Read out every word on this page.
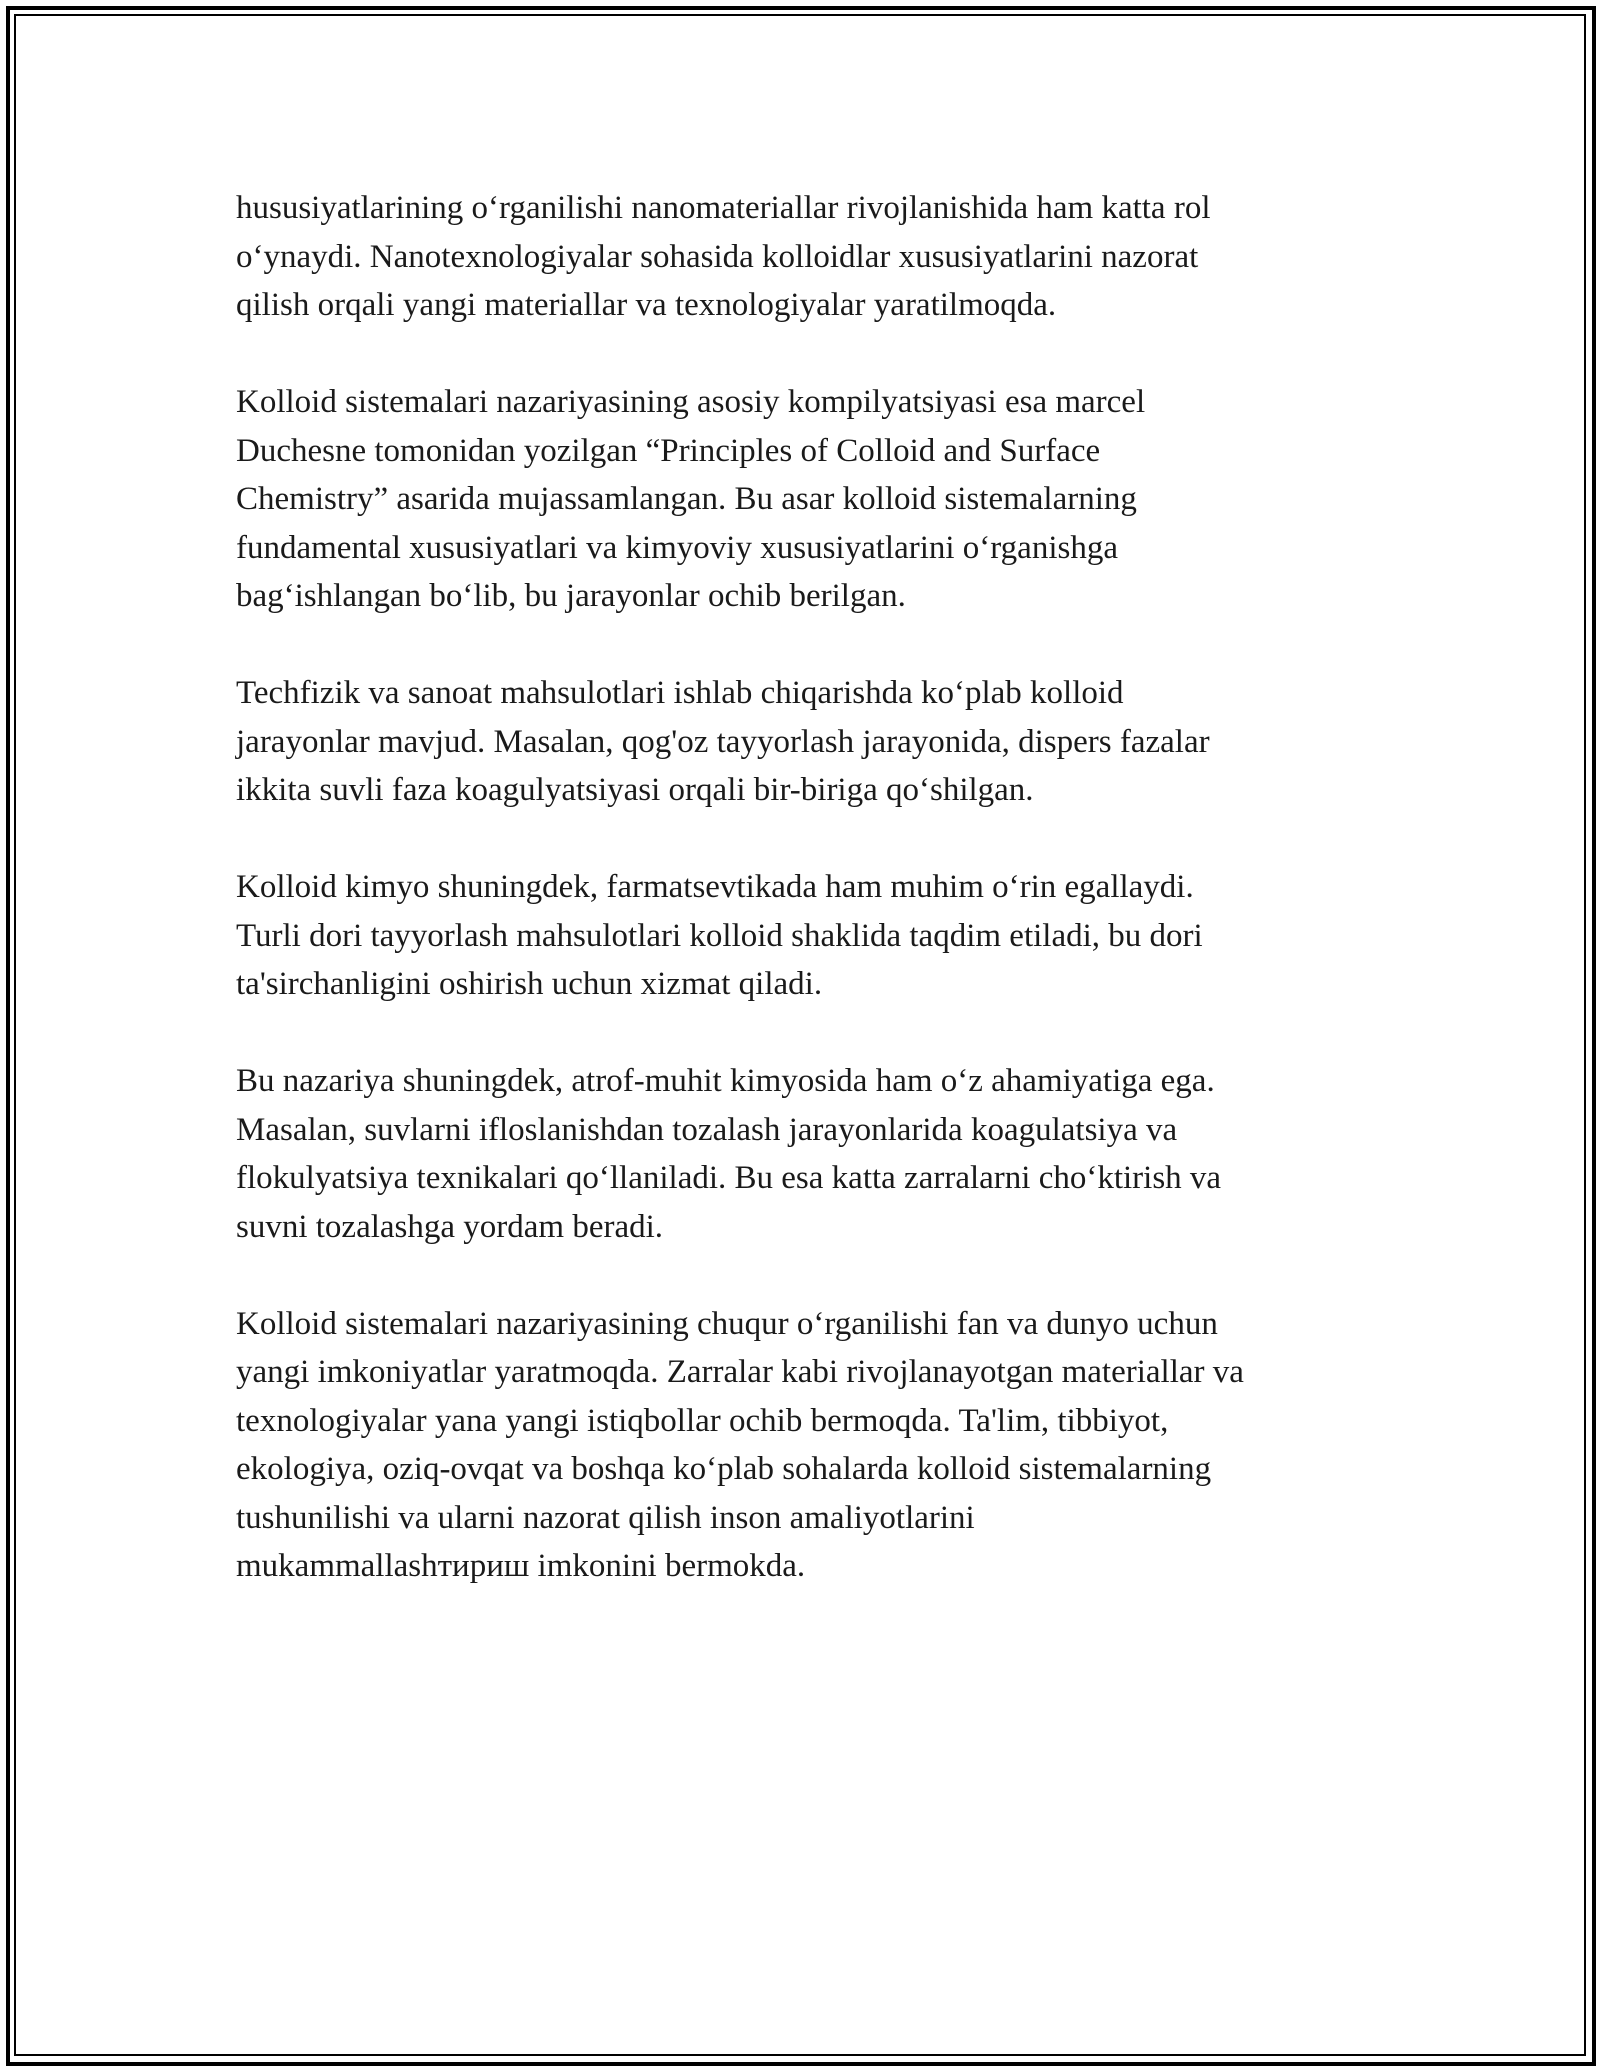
hususiyatlarining o‘rganilishi nanomateriallar rivojlanishida ham katta rol
o‘ynaydi. Nanotexnologiyalar sohasida kolloidlar xususiyatlarini nazorat
qilish orqali yangi materiallar va texnologiyalar yaratilmoqda.

Kolloid sistemalari nazariyasining asosiy kompilyatsiyasi esa marcel
Duchesne tomonidan yozilgan “Principles of Colloid and Surface
Chemistry” asarida mujassamlangan. Bu asar kolloid sistemalarning
fundamental xususiyatlari va kimyoviy xususiyatlarini o‘rganishga
bag‘ishlangan bo‘lib, bu jarayonlar ochib berilgan.

Techfizik va sanoat mahsulotlari ishlab chiqarishda ko‘plab kolloid
jarayonlar mavjud. Masalan, qog'oz tayyorlash jarayonida, dispers fazalar
ikkita suvli faza koagulyatsiyasi orqali bir-biriga qo‘shilgan.

Kolloid kimyo shuningdek, farmatsevtikada ham muhim o‘rin egallaydi.
Turli dori tayyorlash mahsulotlari kolloid shaklida taqdim etiladi, bu dori
ta'sirchanligini oshirish uchun xizmat qiladi.

Bu nazariya shuningdek, atrof-muhit kimyosida ham o‘z ahamiyatiga ega.
Masalan, suvlarni ifloslanishdan tozalash jarayonlarida koagulatsiya va
flokulyatsiya texnikalari qo‘llaniladi. Bu esa katta zarralarni cho‘ktirish va
suvni tozalashga yordam beradi.

Kolloid sistemalari nazariyasining chuqur o‘rganilishi fan va dunyo uchun
yangi imkoniyatlar yaratmoqda. Zarralar kabi rivojlanayotgan materiallar va
texnologiyalar yana yangi istiqbollar ochib bermoqda. Ta'lim, tibbiyot,
ekologiya, oziq-ovqat va boshqa ko‘plab sohalarda kolloid sistemalarning
tushunilishi va ularni nazorat qilish inson amaliyotlarini
mukammallashтириш imkonini bermokda.
